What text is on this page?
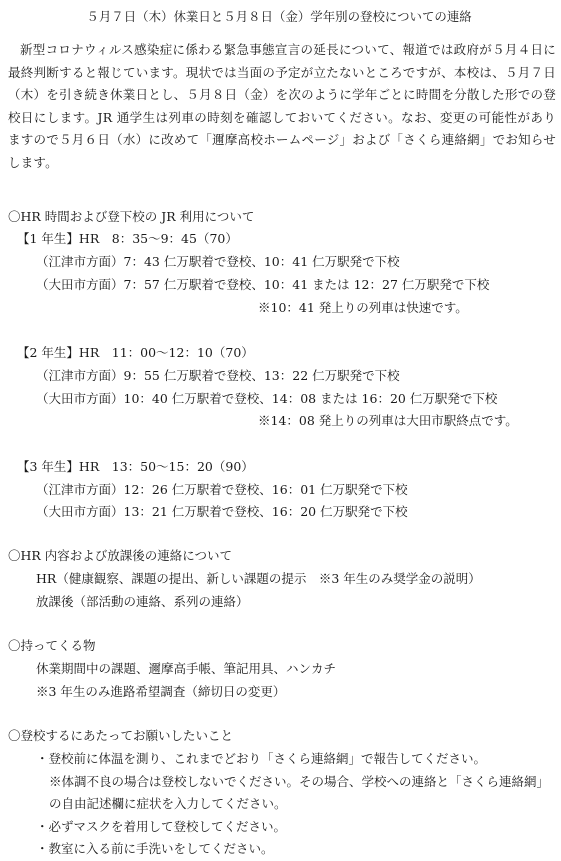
５月７日（木）休業日と５月８日（金）学年別の登校についての連絡
新型コロナウィルス感染症に係わる緊急事態宣言の延長について、報道では政府が５月４日に最終判断すると報じています。現状では当面の予定が立たないところですが、本校は、５月７日（木）を引き続き休業日とし、５月８日（金）を次のように学年ごとに時間を分散した形での登校日にします。JR 通学生は列車の時刻を確認しておいてください。なお、変更の可能性がありますので５月６日（水）に改めて「邇摩高校ホームページ」および「さくら連絡網」でお知らせします。
〇HR 時間および登下校の JR 利用について
【1 年生】HR　8：35〜9：45（70）
（江津市方面）7：43 仁万駅着で登校、10：41 仁万駅発で下校
（大田市方面）7：57 仁万駅着で登校、10：41 または 12：27 仁万駅発で下校
※10：41 発上りの列車は快速です。
【2 年生】HR　11：00〜12：10（70）
（江津市方面）9：55 仁万駅着で登校、13：22 仁万駅発で下校
（大田市方面）10：40 仁万駅着で登校、14：08 または 16：20 仁万駅発で下校
※14：08 発上りの列車は大田市駅終点です。
【3 年生】HR　13：50〜15：20（90）
（江津市方面）12：26 仁万駅着で登校、16：01 仁万駅発で下校
（大田市方面）13：21 仁万駅着で登校、16：20 仁万駅発で下校
〇HR 内容および放課後の連絡について
HR（健康観察、課題の提出、新しい課題の提示　※3 年生のみ奨学金の説明）
放課後（部活動の連絡、系列の連絡）
〇持ってくる物
休業期間中の課題、邇摩高手帳、筆記用具、ハンカチ
※3 年生のみ進路希望調査（締切日の変更）
〇登校するにあたってお願いしたいこと
・登校前に体温を測り、これまでどおり「さくら連絡網」で報告してください。
※体調不良の場合は登校しないでください。その場合、学校への連絡と「さくら連絡網」
の自由記述欄に症状を入力してください。
・必ずマスクを着用して登校してください。
・教室に入る前に手洗いをしてください。
